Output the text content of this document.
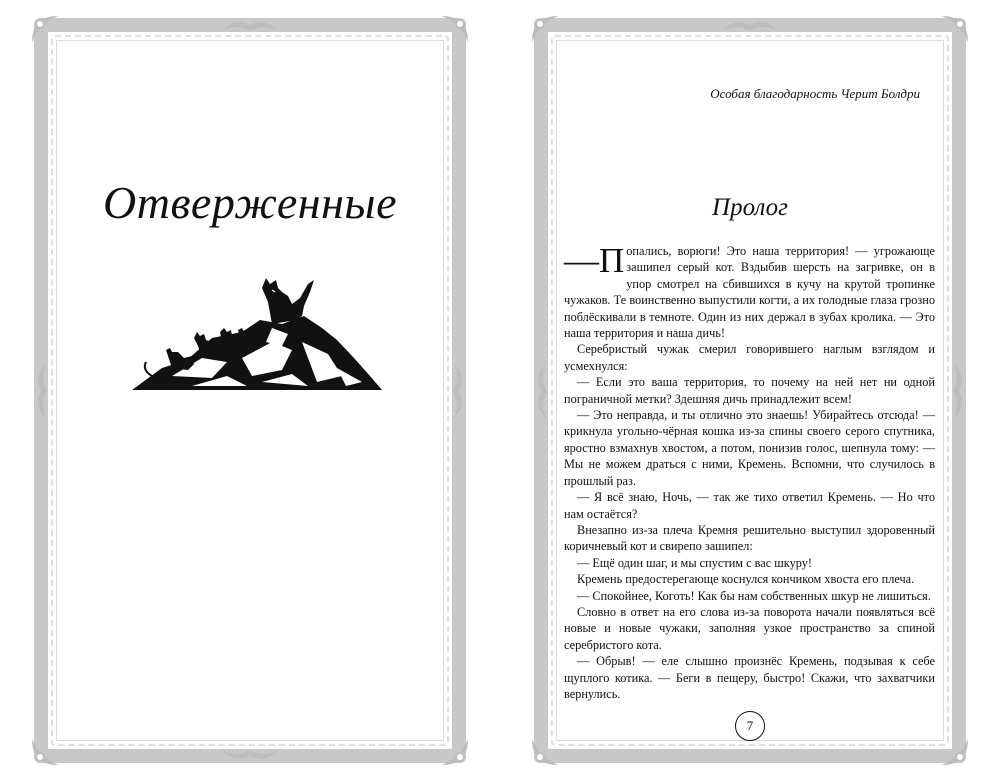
Отверженные
Особая благодарность Черит Болдри
Пролог

—П опались, ворюги! Это наша территория! — угрожающе зашипел серый кот. Вздыбив шерсть на загривке, он в упор смотрел на сбившихся в кучу на крутой тропинке чужаков. Те воинственно выпустили когти, а их голодные глаза грозно поблёскивали в темноте. Один из них держал в зубах кролика. — Это наша территория и наша дичь!

Серебристый чужак смерил говорившего наглым взглядом и усмехнулся:

— Если это ваша территория, то почему на ней нет ни одной пограничной метки? Здешняя дичь принадлежит всем!

— Это неправда, и ты отлично это знаешь! Убирайтесь отсюда! — крикнула угольно-чёрная кошка из-за спины своего серого спутника, яростно взмахнув хвостом, а потом, понизив голос, шепнула тому: — Мы не можем драться с ними, Кремень. Вспомни, что случилось в прошлый раз.

— Я всё знаю, Ночь, — так же тихо ответил Кремень. — Но что нам остаётся?

Внезапно из-за плеча Кремня решительно выступил здоровенный коричневый кот и свирепо зашипел:

— Ещё один шаг, и мы спустим с вас шкуру!

Кремень предостерегающе коснулся кончиком хвоста его плеча.

— Спокойнее, Коготь! Как бы нам собственных шкур не лишиться.

Словно в ответ на его слова из-за поворота начали появляться всё новые и новые чужаки, заполняя узкое пространство за спиной серебристого кота.

— Обрыв! — еле слышно произнёс Кремень, подзывая к себе щуплого котика. — Беги в пещеру, быстро! Скажи, что захватчики вернулись.

7
